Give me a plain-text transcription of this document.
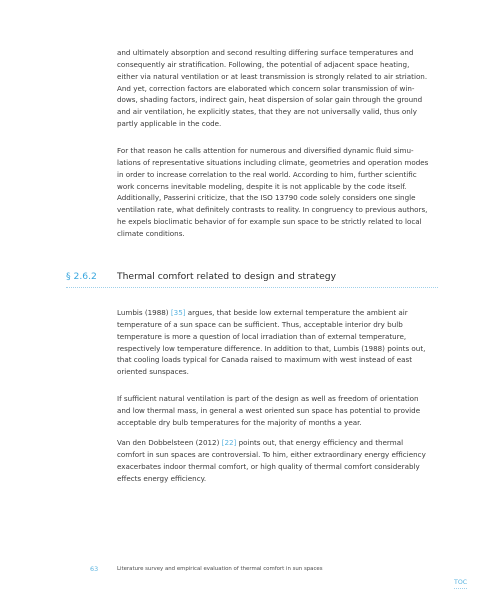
and ultimately absorption and second resulting differing surface temperatures and
consequently air stratification. Following, the potential of adjacent space heating,
either via natural ventilation or at least transmission is strongly related to air striation.
And yet, correction factors are elaborated which concern solar transmission of win-
dows, shading factors, indirect gain, heat dispersion of solar gain through the ground
and air ventilation, he explicitly states, that they are not universally valid, thus only
partly applicable in the code.
For that reason he calls attention for numerous and diversified dynamic fluid simu-
lations of representative situations including climate, geometries and operation modes
in order to increase correlation to the real world. According to him, further scientific
work concerns inevitable modeling, despite it is not applicable by the code itself.
Additionally, Passerini criticize, that the ISO 13790 code solely considers one single
ventilation rate, what definitely contrasts to reality. In congruency to previous authors,
he expels bioclimatic behavior of for example sun space to be strictly related to local
climate conditions.
§ 2.6.2 Thermal comfort related to design and strategy
Lumbis (1988) [35] argues, that beside low external temperature the ambient air
temperature of a sun space can be sufficient. Thus, acceptable interior dry bulb
temperature is more a question of local irradiation than of external temperature,
respectively low temperature difference. In addition to that, Lumbis (1988) points out,
that cooling loads typical for Canada raised to maximum with west instead of east
oriented sunspaces.
If sufficient natural ventilation is part of the design as well as freedom of orientation
and low thermal mass, in general a west oriented sun space has potential to provide
acceptable dry bulb temperatures for the majority of months a year.
Van den Dobbelsteen (2012) [22] points out, that energy efficiency and thermal
comfort in sun spaces are controversial. To him, either extraordinary energy efficiency
exacerbates indoor thermal comfort, or high quality of thermal comfort considerably
effects energy efficiency.
63	Literature survey and empirical evaluation of thermal comfort in sun spaces
TOC
